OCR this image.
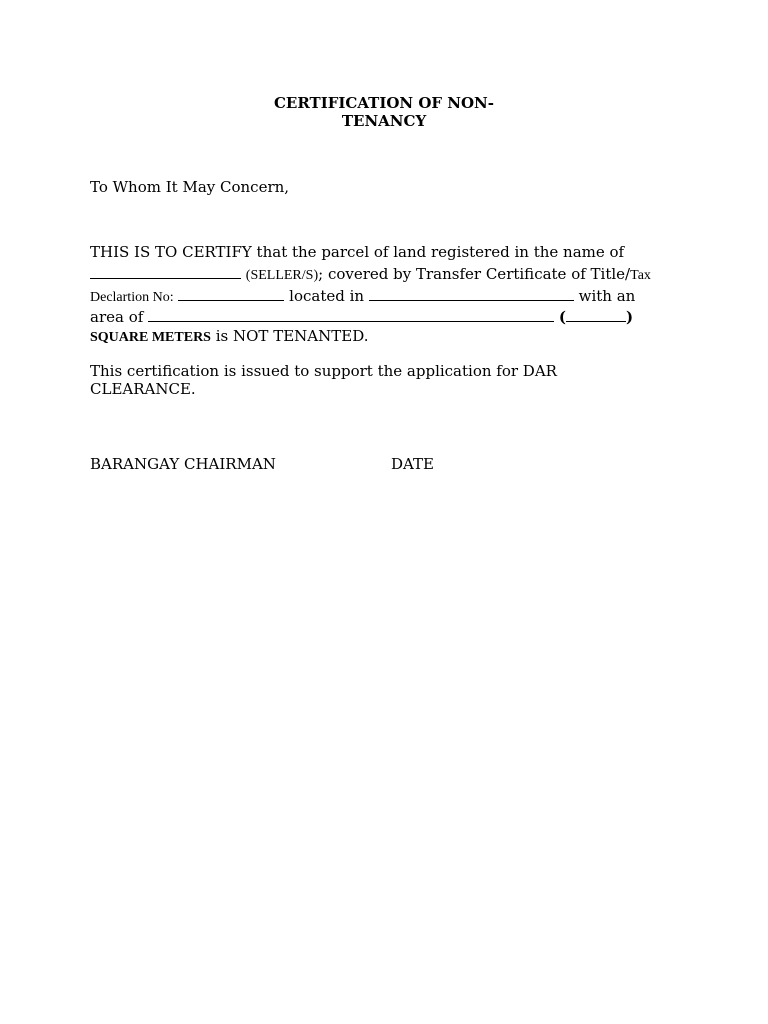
CERTIFICATION OF NON-

TENANCY

To Whom It May Concern,

THIS IS TO CERTIFY that the parcel of land registered in the name of

(SELLER/S); covered by Transfer Certificate of Title/Tax

Declartion No:	located in	with an

area of	(	)

SQUARE METERS is NOT TENANTED.

This certification is issued to support the application for DAR

CLEARANCE.

BARANGAY CHAIRMAN	DATE
